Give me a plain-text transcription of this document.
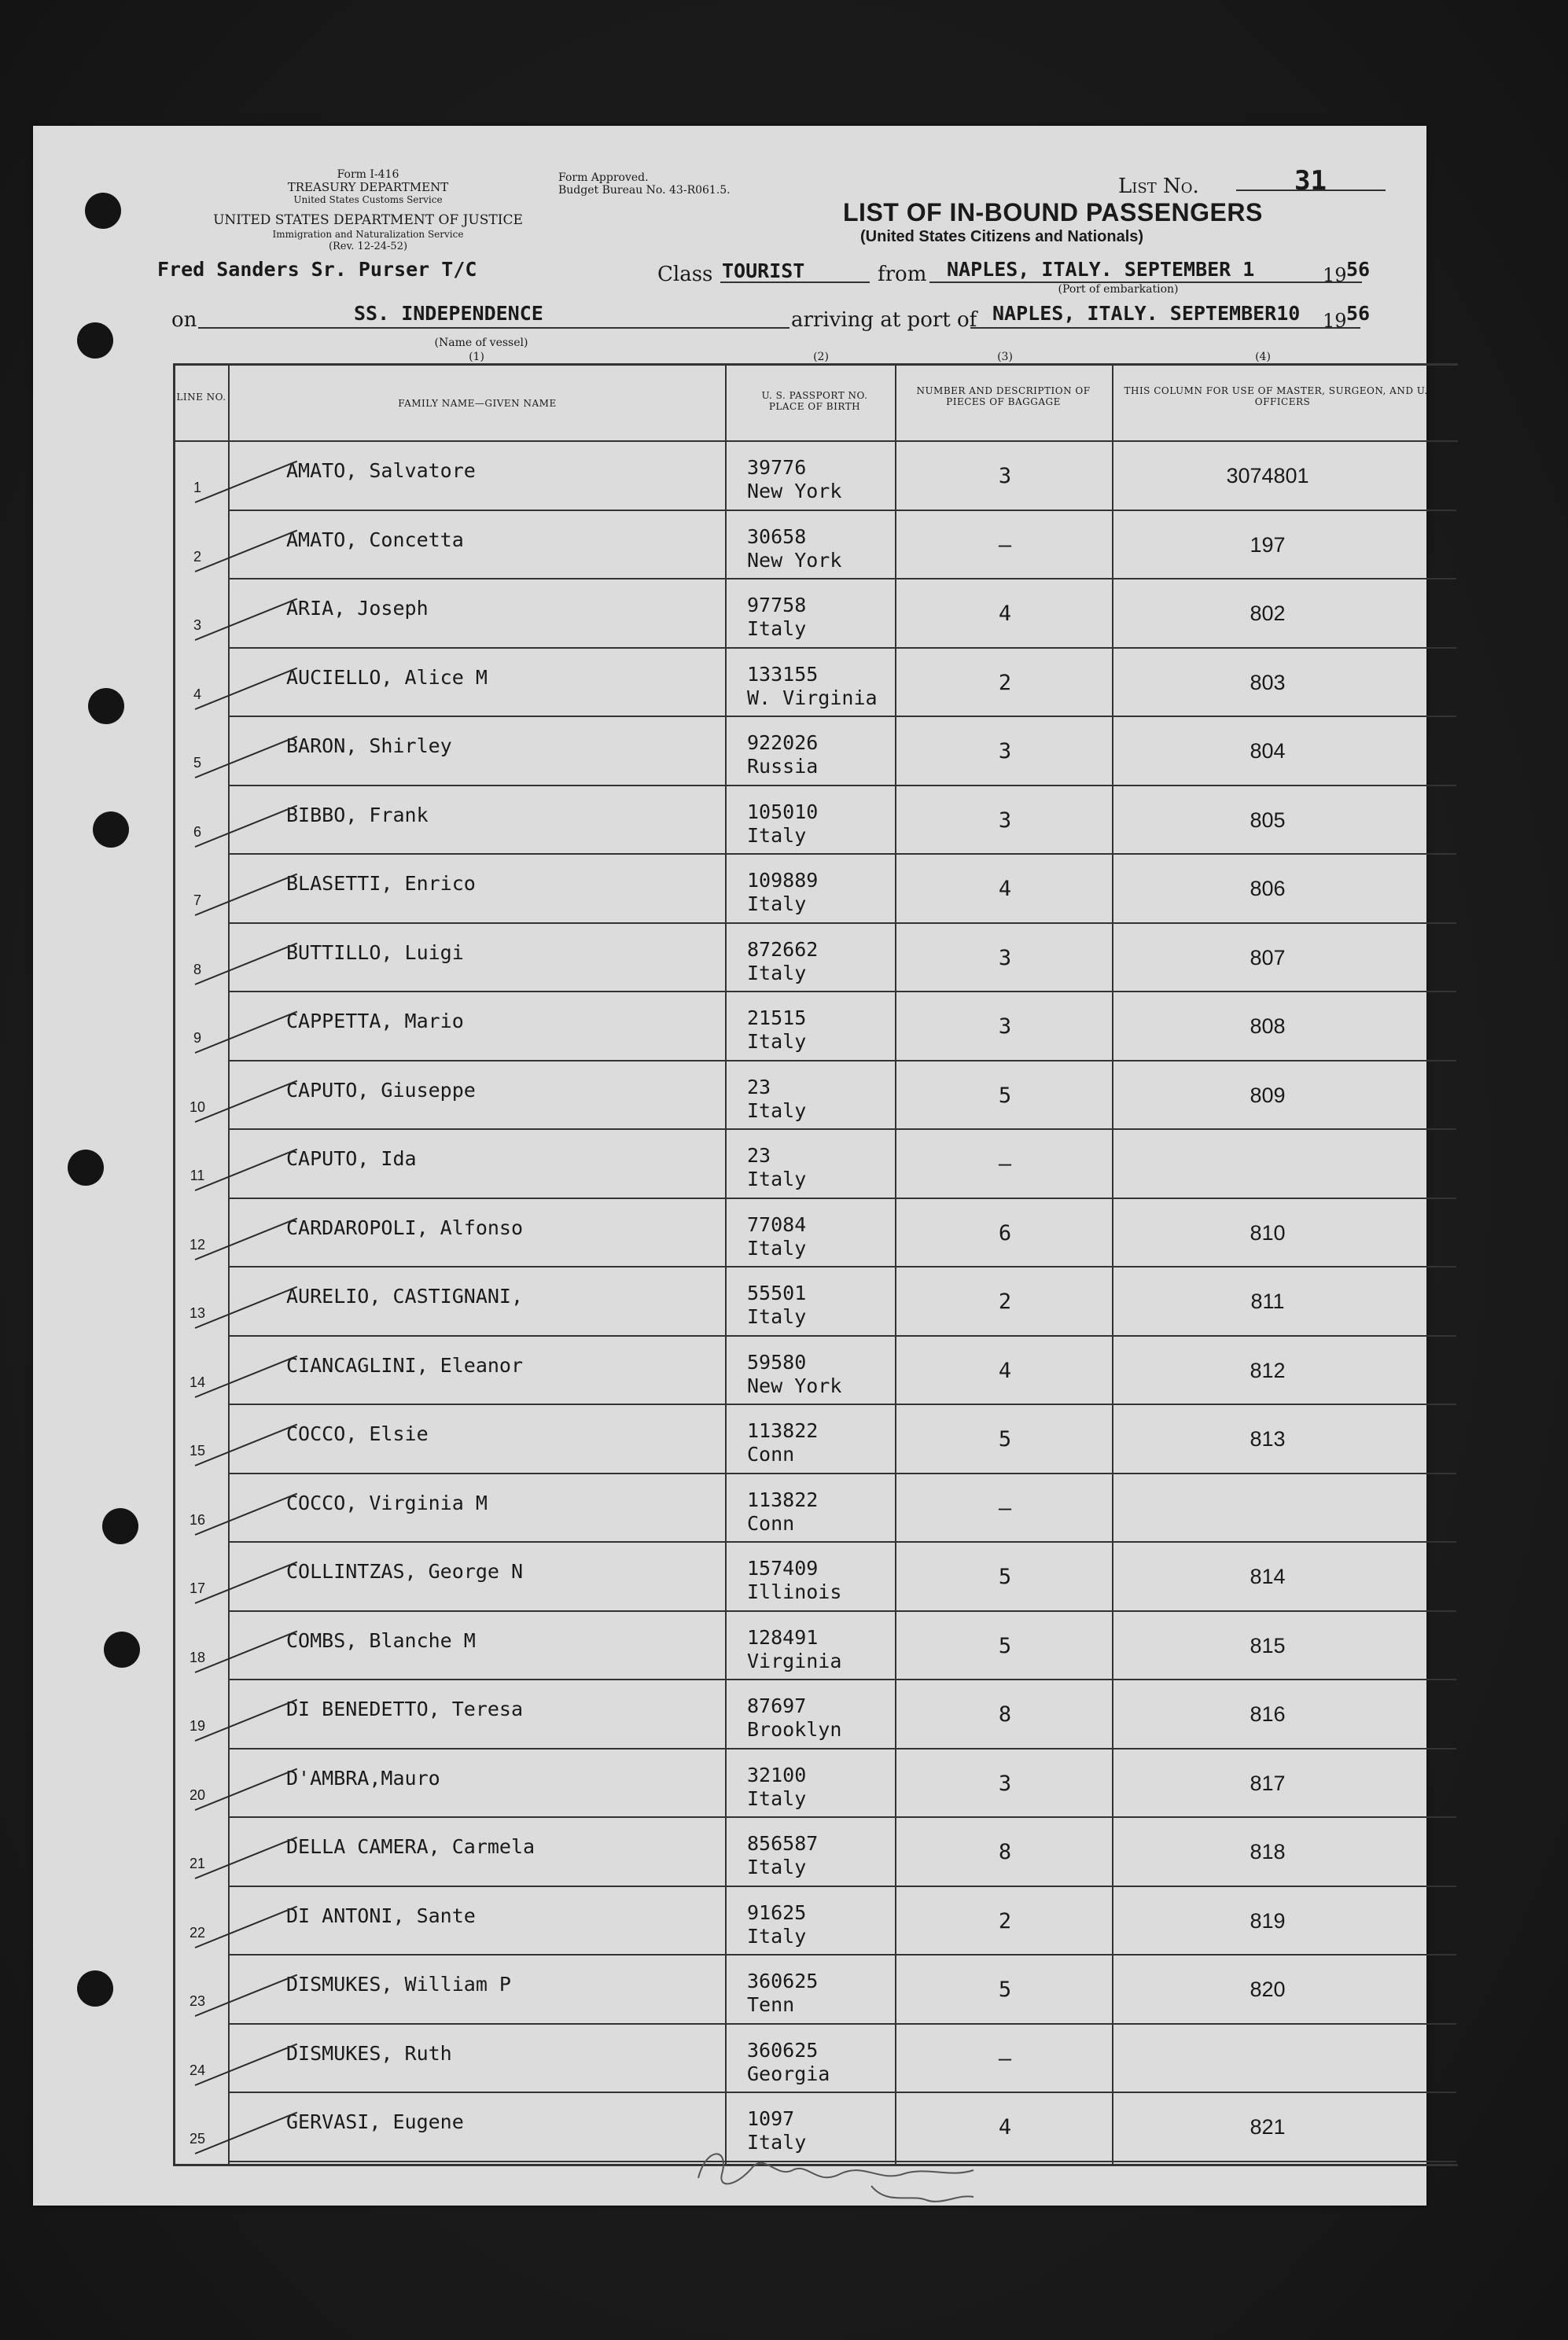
Form I-416
TREASURY DEPARTMENT
United States Customs Service
UNITED STATES DEPARTMENT OF JUSTICE
Immigration and Naturalization Service
(Rev. 12-24-52)
Form Approved.
Budget Bureau No. 43-R061.5.	List No.	31
LIST OF IN-BOUND PASSENGERS
(United States Citizens and Nationals)
Fred Sanders Sr. Purser T/C	Class TOURIST	from NAPLES, ITALY. SEPTEMBER 1	19 56
(Port of embarkation)
on	SS. INDEPENDENCE	arriving at port of NAPLES, ITALY. SEPTEMBER10 19 56
(Name of vessel)
(1)	(2)	(3)	(4)
LINE NO.
FAMILY NAME—GIVEN NAME
U. S. PASSPORT NO. PLACE OF BIRTH
NUMBER AND DESCRIPTION OF PIECES OF BAGGAGE
THIS COLUMN FOR USE OF MASTER, SURGEON, AND U. S. OFFICERS
1
AMATO, Salvatore	39776
New York
3	3074801
2
AMATO, Concetta	30658
New York
–	197
3
ARIA, Joseph	97758
Italy
4	802
4
AUCIELLO, Alice M	133155
W. Virginia
2	803
5
BARON, Shirley	922026
Russia
3	804
6
BIBBO, Frank	105010
Italy
3	805
7
BLASETTI, Enrico	109889
Italy
4	806
8
BUTTILLO, Luigi	872662
Italy
3	807
9
CAPPETTA, Mario	21515
Italy
3	808
10
CAPUTO, Giuseppe	23
Italy
5	809
11
CAPUTO, Ida	23
Italy
–
12
CARDAROPOLI, Alfonso	77084
Italy
6	810
13
AURELIO, CASTIGNANI,	55501
Italy
2	811
14
CIANCAGLINI, Eleanor	59580
New York
4	812
15
COCCO, Elsie	113822
Conn
5	813
16
COCCO, Virginia M	113822
Conn
–
17
COLLINTZAS, George N	157409
Illinois
5	814
18
COMBS, Blanche M	128491
Virginia
5	815
19
DI BENEDETTO, Teresa	87697
Brooklyn
8	816
20
D'AMBRA,Mauro	32100
Italy
3	817
21
DELLA CAMERA, Carmela	856587
Italy
8	818
22
DI ANTONI, Sante	91625
Italy
2	819
23
DISMUKES, William P	360625
Tenn
5	820
24
DISMUKES, Ruth	360625
Georgia
–
25
GERVASI, Eugene	1097
Italy
4	821
